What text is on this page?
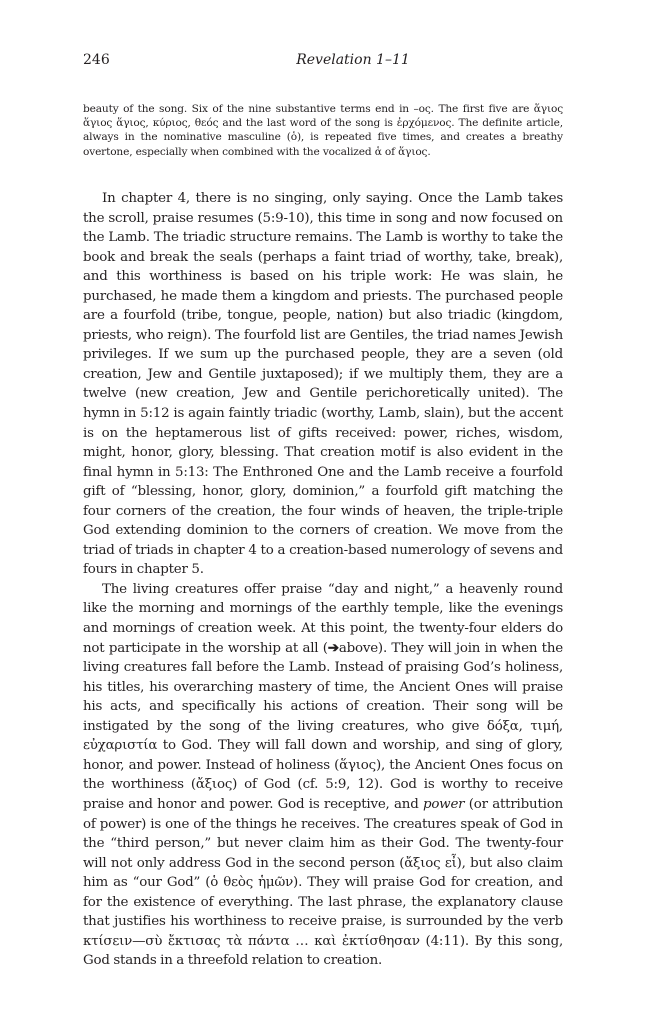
246	Revelation 1–11
beauty of the song. Six of the nine substantive terms end in –ος. The first five are ἅγιος ἅγιος ἅγιος, κύριος, θεός and the last word of the song is ἐρχόμενος. The definite article, always in the nominative masculine (ὁ), is repeated five times, and creates a breathy overtone, especially when combined with the vocalized ἁ of ἅγιος.

In chapter 4, there is no singing, only saying. Once the Lamb takes the scroll, praise resumes (5:9-10), this time in song and now focused on the Lamb. The triadic structure remains. The Lamb is worthy to take the book and break the seals (perhaps a faint triad of worthy, take, break), and this worthiness is based on his triple work: He was slain, he purchased, he made them a kingdom and priests. The purchased people are a fourfold (tribe, tongue, people, nation) but also triadic (kingdom, priests, who reign). The fourfold list are Gentiles, the triad names Jewish privileges. If we sum up the purchased people, they are a seven (old creation, Jew and Gentile juxtaposed); if we multiply them, they are a twelve (new creation, Jew and Gentile perichoretically united). The hymn in 5:12 is again faintly triadic (worthy, Lamb, slain), but the accent is on the heptamerous list of gifts received: power, riches, wisdom, might, honor, glory, blessing. That creation motif is also evident in the final hymn in 5:13: The Enthroned One and the Lamb receive a fourfold gift of “blessing, honor, glory, dominion,” a fourfold gift matching the four corners of the creation, the four winds of heaven, the triple-triple God extending dominion to the corners of creation. We move from the triad of triads in chapter 4 to a creation-based numerology of sevens and fours in chapter 5.

The living creatures offer praise “day and night,” a heavenly round like the morning and mornings of the earthly temple, like the evenings and mornings of creation week. At this point, the twenty-four elders do not participate in the worship at all (➔above). They will join in when the living creatures fall before the Lamb. Instead of praising God’s holiness, his titles, his overarching mastery of time, the Ancient Ones will praise his acts, and specifically his actions of creation. Their song will be instigated by the song of the living creatures, who give δόξα, τιμή, εὐχαριστία to God. They will fall down and worship, and sing of glory, honor, and power. Instead of holiness (ἅγιος), the Ancient Ones focus on the worthiness (ἄξιος) of God (cf. 5:9, 12). God is worthy to receive praise and honor and power. God is receptive, and power (or attribution of power) is one of the things he receives. The creatures speak of God in the “third person,” but never claim him as their God. The twenty-four will not only address God in the second person (ἄξιος εἶ), but also claim him as “our God” (ὁ θεὸς ἡμῶν). They will praise God for creation, and for the existence of everything. The last phrase, the explanatory clause that justifies his worthiness to receive praise, is surrounded by the verb κτίσειν—σὺ ἔκτισας τὰ πάντα … καὶ ἐκτίσθησαν (4:11). By this song, God stands in a threefold relation to creation.
